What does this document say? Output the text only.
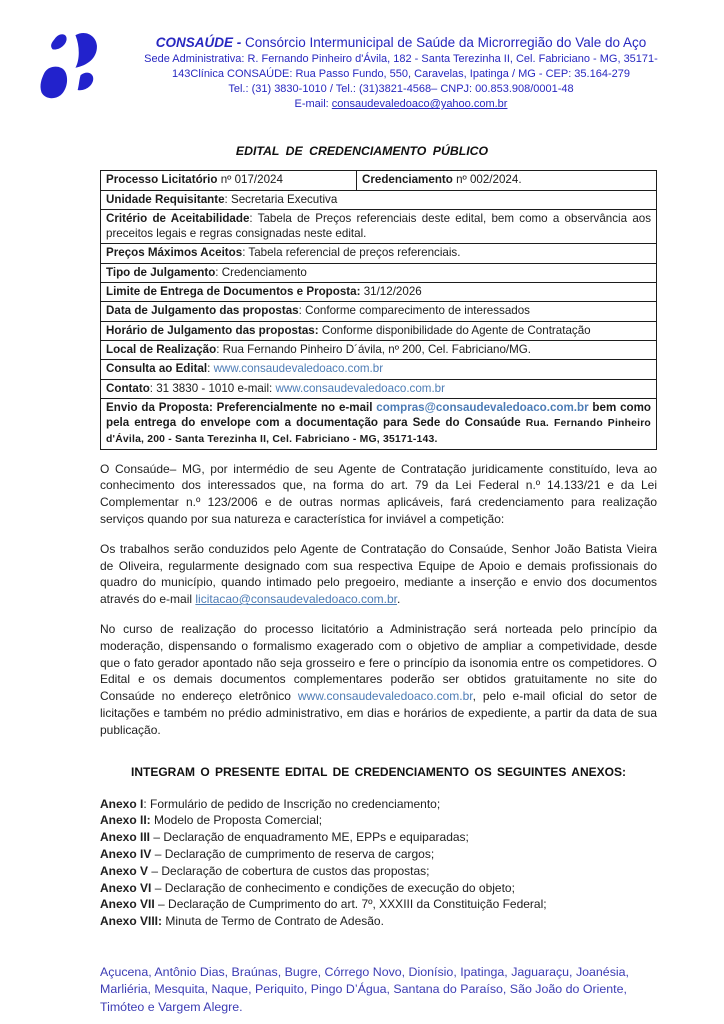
CONSAÚDE - Consórcio Intermunicipal de Saúde da Microrregião do Vale do Aço
Sede Administrativa: R. Fernando Pinheiro d'Ávila, 182 - Santa Terezinha II, Cel. Fabriciano - MG, 35171-
143Clínica CONSAÚDE: Rua Passo Fundo, 550, Caravelas, Ipatinga / MG - CEP: 35.164-279
Tel.: (31) 3830-1010 / Tel.: (31)3821-4568– CNPJ: 00.853.908/0001-48
E-mail: consaudevaledoaco@yahoo.com.br
EDITAL DE CREDENCIAMENTO PÚBLICO
Processo Licitatório nº 017/2024	Credenciamento nº 002/2024.
Unidade Requisitante: Secretaria Executiva
Critério de Aceitabilidade: Tabela de Preços referenciais deste edital, bem como a observância aos preceitos legais e regras consignadas neste edital.
Preços Máximos Aceitos: Tabela referencial de preços referenciais.
Tipo de Julgamento: Credenciamento
Limite de Entrega de Documentos e Proposta: 31/12/2026
Data de Julgamento das propostas: Conforme comparecimento de interessados
Horário de Julgamento das propostas: Conforme disponibilidade do Agente de Contratação
Local de Realização: Rua Fernando Pinheiro D´ávila, nº 200, Cel. Fabriciano/MG.
Consulta ao Edital: www.consaudevaledoaco.com.br
Contato: 31 3830 - 1010 e-mail: www.consaudevaledoaco.com.br
Envio da Proposta: Preferencialmente no e-mail compras@consaudevaledoaco.com.br bem como pela entrega do envelope com a documentação para Sede do Consaúde Rua. Fernando Pinheiro d'Ávila, 200 - Santa Terezinha II, Cel. Fabriciano - MG, 35171-143.

O Consaúde– MG, por intermédio de seu Agente de Contratação juridicamente constituído, leva ao conhecimento dos interessados que, na forma do art. 79 da Lei Federal n.º 14.133/21 e da Lei Complementar n.º 123/2006 e de outras normas aplicáveis, fará credenciamento para realização serviços quando por sua natureza e característica for inviável a competição:

Os trabalhos serão conduzidos pelo Agente de Contratação do Consaúde, Senhor João Batista Vieira de Oliveira, regularmente designado com sua respectiva Equipe de Apoio e demais profissionais do quadro do município, quando intimado pelo pregoeiro, mediante a inserção e envio dos documentos através do e-mail licitacao@consaudevaledoaco.com.br.

No curso de realização do processo licitatório a Administração será norteada pelo princípio da moderação, dispensando o formalismo exagerado com o objetivo de ampliar a competividade, desde que o fato gerador apontado não seja grosseiro e fere o princípio da isonomia entre os competidores. O Edital e os demais documentos complementares poderão ser obtidos gratuitamente no site do Consaúde no endereço eletrônico www.consaudevaledoaco.com.br, pelo e-mail oficial do setor de licitações e também no prédio administrativo, em dias e horários de expediente, a partir da data de sua publicação.

INTEGRAM O PRESENTE EDITAL DE CREDENCIAMENTO OS SEGUINTES ANEXOS:
Anexo I: Formulário de pedido de Inscrição no credenciamento;
Anexo II: Modelo de Proposta Comercial;
Anexo III – Declaração de enquadramento ME, EPPs e equiparadas;
Anexo IV – Declaração de cumprimento de reserva de cargos;
Anexo V – Declaração de cobertura de custos das propostas;
Anexo VI – Declaração de conhecimento e condições de execução do objeto;
Anexo VII – Declaração de Cumprimento do art. 7º, XXXIII da Constituição Federal;
Anexo VIII: Minuta de Termo de Contrato de Adesão.
Açucena, Antônio Dias, Braúnas, Bugre, Córrego Novo, Dionísio, Ipatinga, Jaguaraçu, Joanésia, Marliéria, Mesquita, Naque, Periquito, Pingo D’Água, Santana do Paraíso, São João do Oriente, Timóteo e Vargem Alegre.
